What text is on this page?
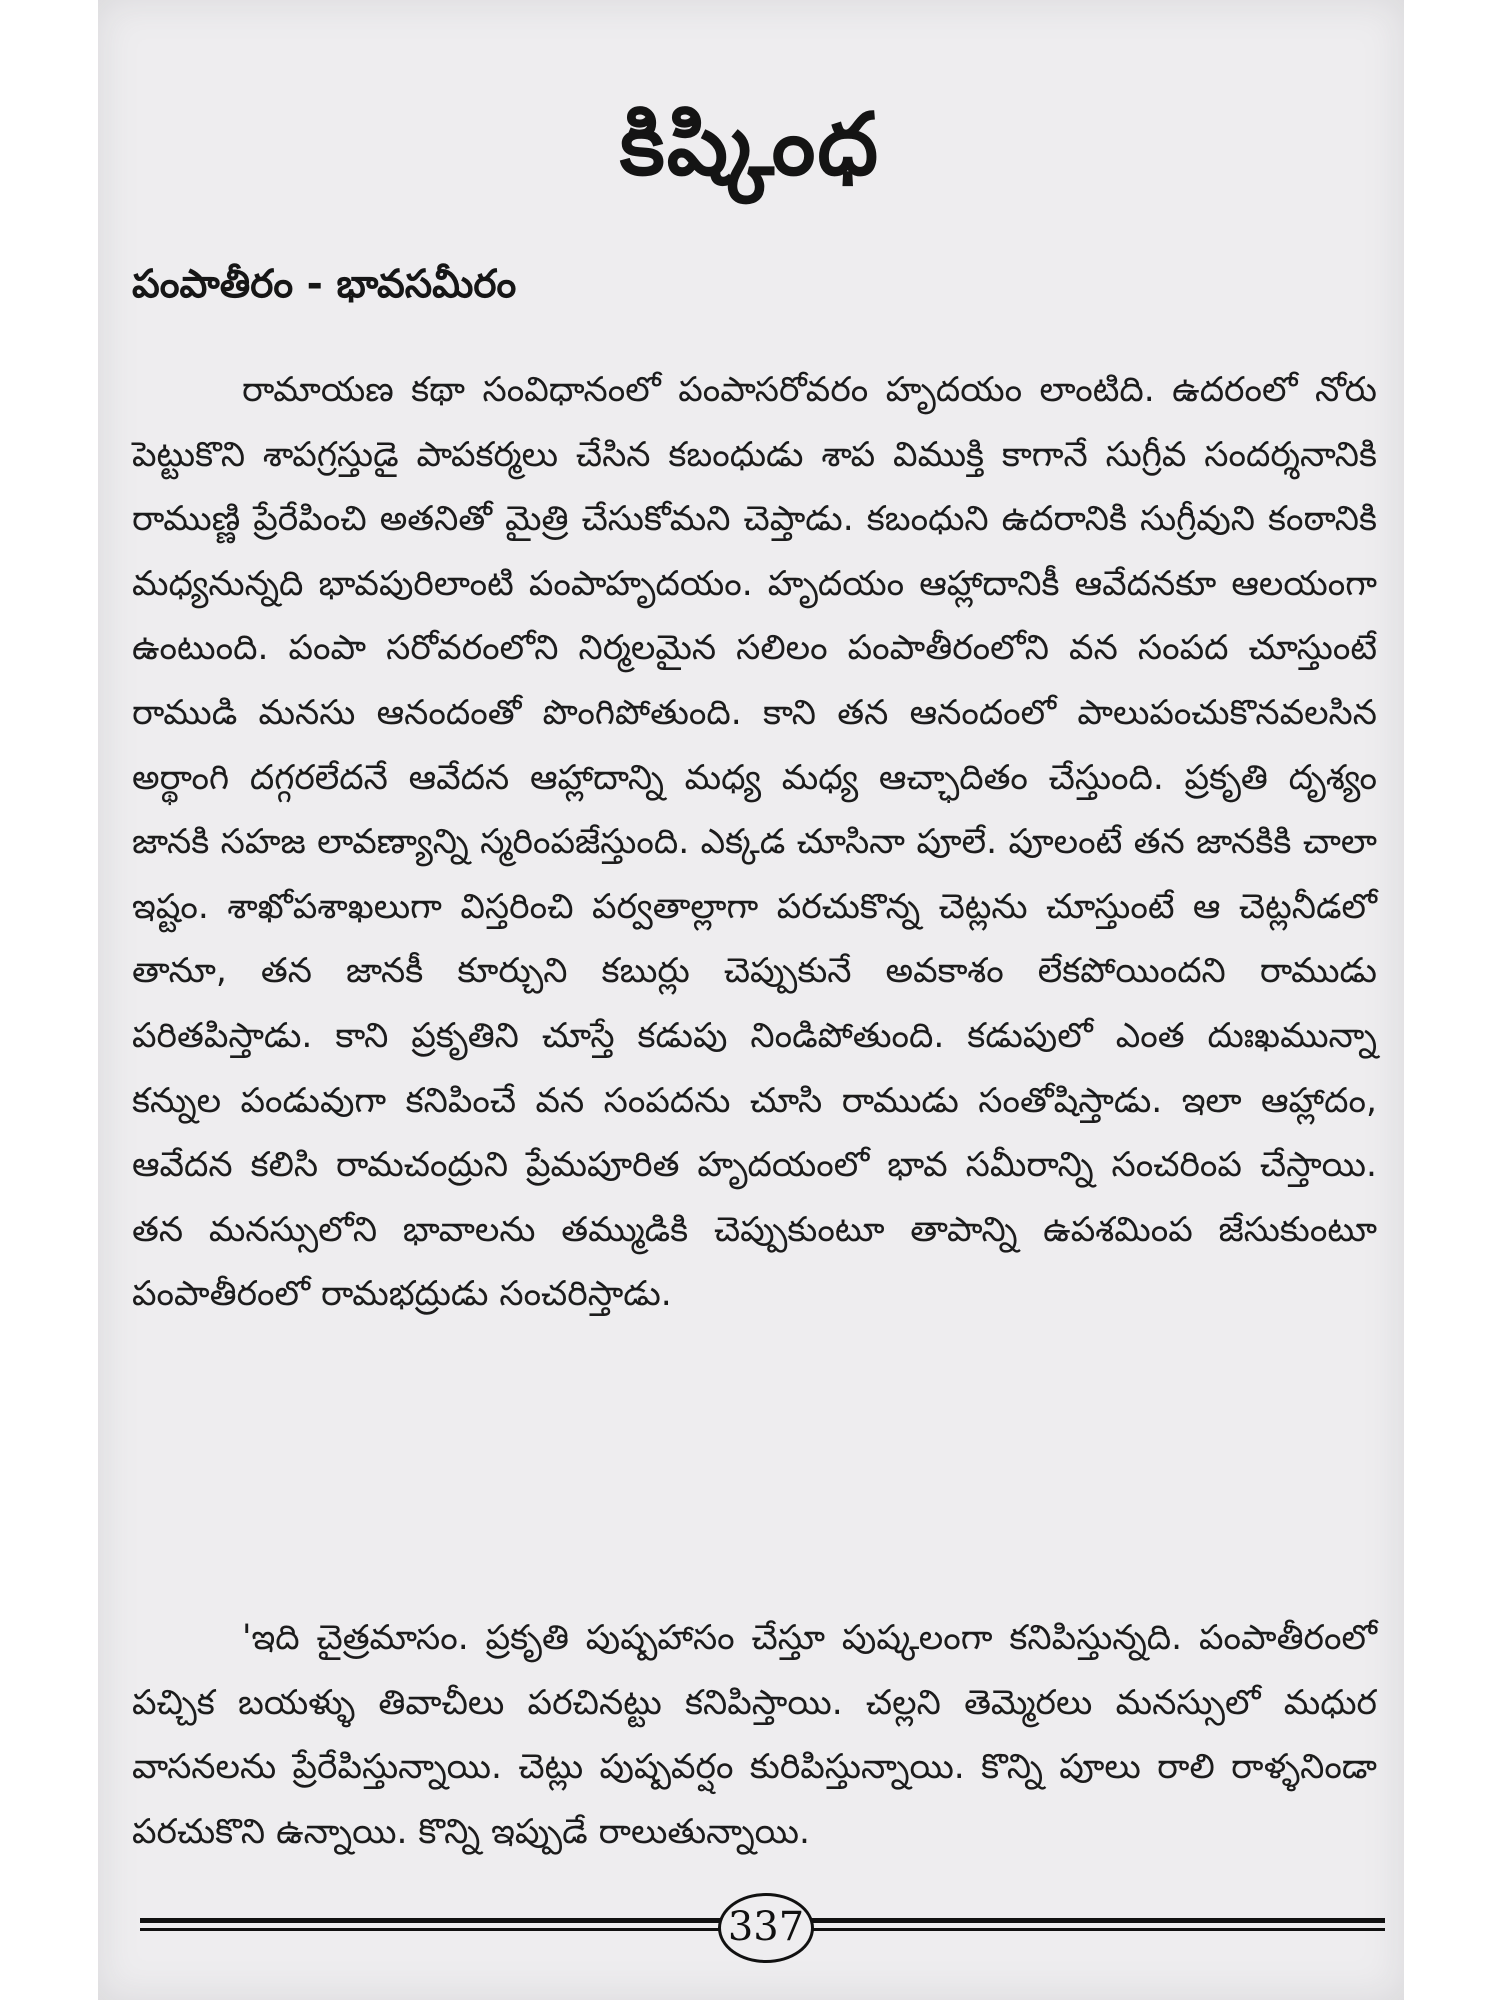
కిష్కింధ
పంపాతీరం - భావసమీరం

రామాయణ కథా సంవిధానంలో పంపాసరోవరం హృదయం లాంటిది. ఉదరంలో నోరు పెట్టుకొని శాపగ్రస్తుడై పాపకర్మలు చేసిన కబంధుడు శాప విముక్తి కాగానే సుగ్రీవ సందర్శనానికి రాముణ్ణి ప్రేరేపించి అతనితో మైత్రి చేసుకోమని చెప్తాడు. కబంధుని ఉదరానికి సుగ్రీవుని కంఠానికి మధ్యనున్నది భావపురిలాంటి పంపాహృదయం. హృదయం ఆహ్లాదానికీ ఆవేదనకూ ఆలయంగా ఉంటుంది. పంపా సరోవరంలోని నిర్మలమైన సలిలం పంపాతీరంలోని వన సంపద చూస్తుంటే రాముడి మనసు ఆనందంతో పొంగిపోతుంది. కాని తన ఆనందంలో పాలుపంచుకొనవలసిన అర్థాంగి దగ్గరలేదనే ఆవేదన ఆహ్లాదాన్ని మధ్య మధ్య ఆచ్ఛాదితం చేస్తుంది. ప్రకృతి దృశ్యం జానకి సహజ లావణ్యాన్ని స్మరింపజేస్తుంది. ఎక్కడ చూసినా పూలే. పూలంటే తన జానకికి చాలా ఇష్టం. శాఖోపశాఖలుగా విస్తరించి పర్వతాల్లాగా పరచుకొన్న చెట్లను చూస్తుంటే ఆ చెట్లనీడలో తానూ, తన జానకీ కూర్చుని కబుర్లు చెప్పుకునే అవకాశం లేకపోయిందని రాముడు పరితపిస్తాడు. కాని ప్రకృతిని చూస్తే కడుపు నిండిపోతుంది. కడుపులో ఎంత దుఃఖమున్నా కన్నుల పండువుగా కనిపించే వన సంపదను చూసి రాముడు సంతోషిస్తాడు. ఇలా ఆహ్లాదం, ఆవేదన కలిసి రామచంద్రుని ప్రేమపూరిత హృదయంలో భావ సమీరాన్ని సంచరింప చేస్తాయి. తన మనస్సులోని భావాలను తమ్ముడికి చెప్పుకుంటూ తాపాన్ని ఉపశమింప జేసుకుంటూ పంపాతీరంలో రామభద్రుడు సంచరిస్తాడు.

'ఇది చైత్రమాసం. ప్రకృతి పుష్పహాసం చేస్తూ పుష్కలంగా కనిపిస్తున్నది. పంపాతీరంలో పచ్చిక బయళ్ళు తివాచీలు పరచినట్టు కనిపిస్తాయి. చల్లని తెమ్మెరలు మనస్సులో మధుర వాసనలను ప్రేరేపిస్తున్నాయి. చెట్లు పుష్పవర్షం కురిపిస్తున్నాయి. కొన్ని పూలు రాలి రాళ్ళనిండా పరచుకొని ఉన్నాయి. కొన్ని ఇప్పుడే రాలుతున్నాయి.

337
